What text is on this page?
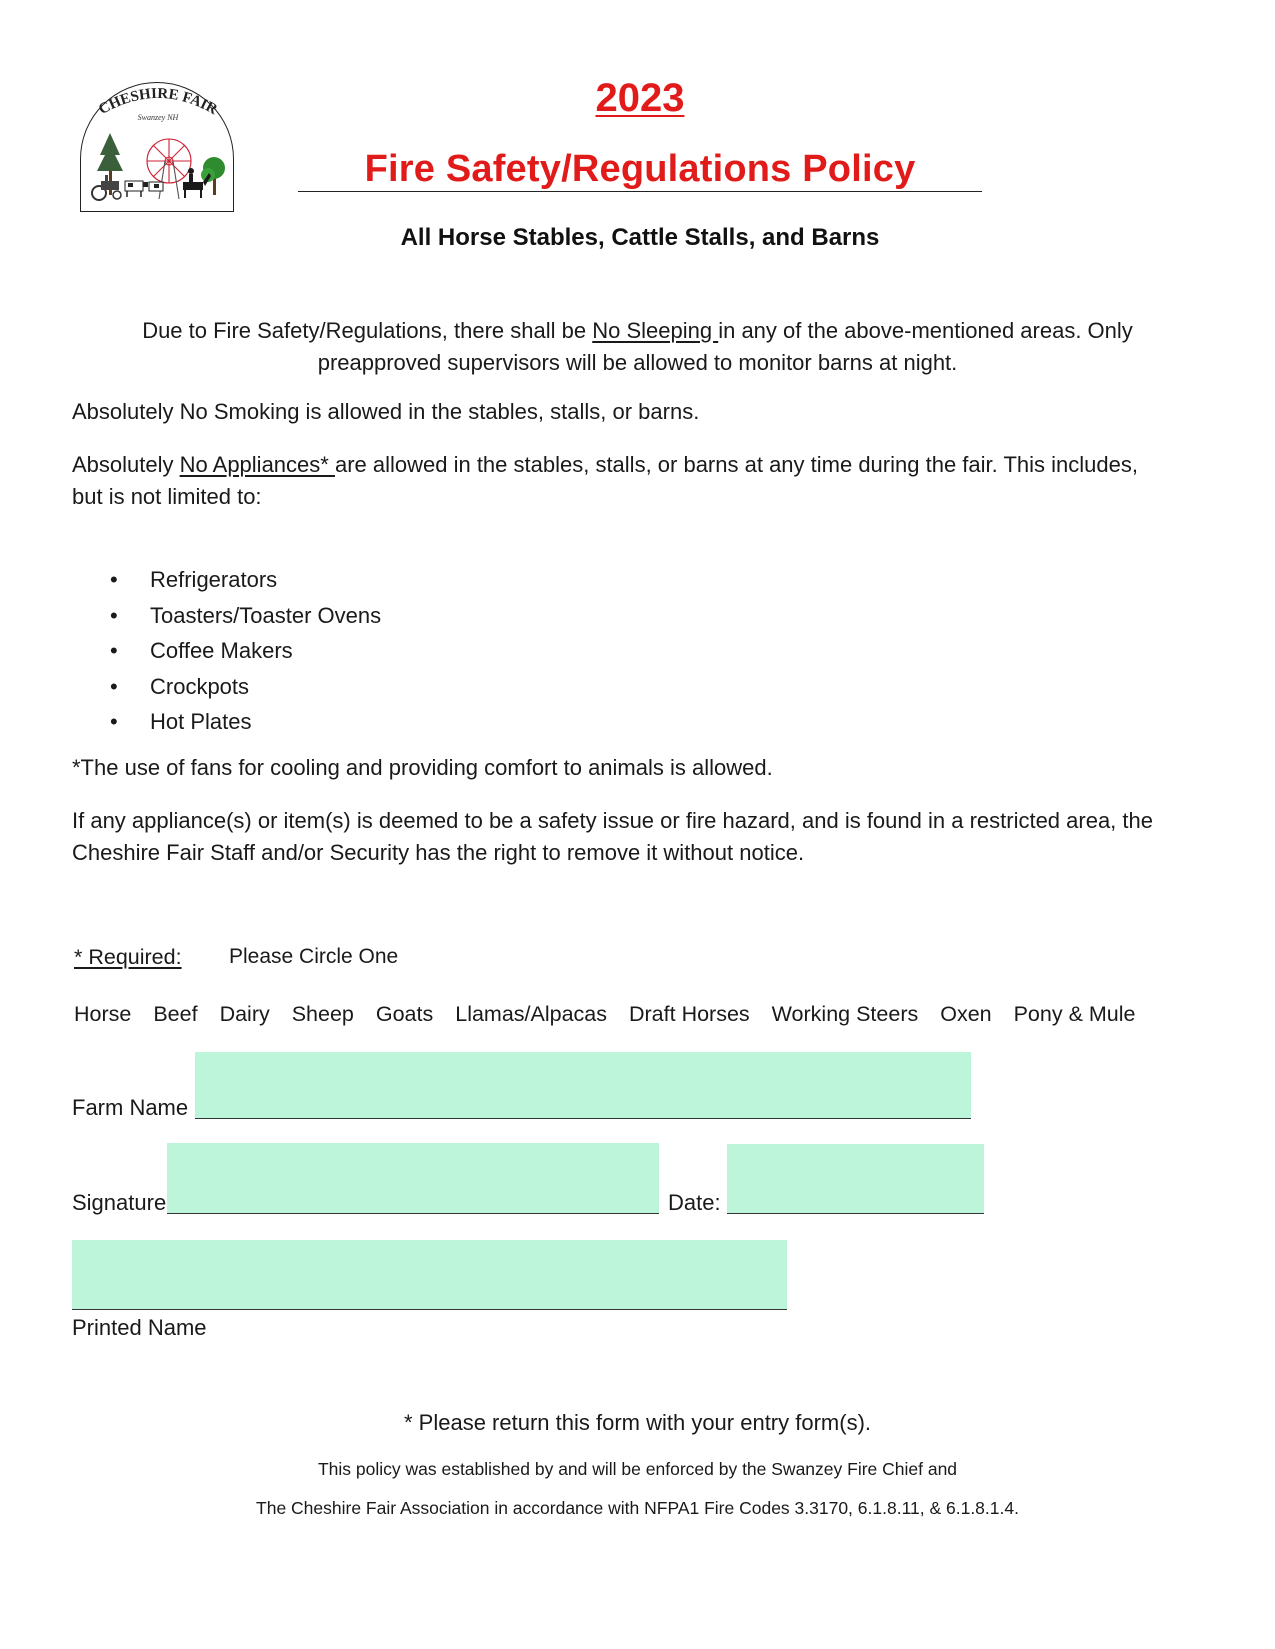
CHESHIRE FAIR
Swanzey NH	2023
Fire Safety/Regulations Policy
All Horse Stables, Cattle Stalls, and Barns
Due to Fire Safety/Regulations, there shall be No Sleeping in any of the above-mentioned areas. Only
preapproved supervisors will be allowed to monitor barns at night.
Absolutely No Smoking is allowed in the stables, stalls, or barns.
Absolutely No Appliances* are allowed in the stables, stalls, or barns at any time during the fair. This includes,
but is not limited to:
• Refrigerators
• Toasters/Toaster Ovens
• Coffee Makers
• Crockpots
• Hot Plates
*The use of fans for cooling and providing comfort to animals is allowed.
If any appliance(s) or item(s) is deemed to be a safety issue or fire hazard, and is found in a restricted area, the
Cheshire Fair Staff and/or Security has the right to remove it without notice.
* Required: Please Circle One
Horse Beef Dairy Sheep Goats Llamas/Alpacas Draft Horses Working Steers Oxen Pony & Mule
Farm Name
Signature	Date:
Printed Name
* Please return this form with your entry form(s).
This policy was established by and will be enforced by the Swanzey Fire Chief and
The Cheshire Fair Association in accordance with NFPA1 Fire Codes 3.3170, 6.1.8.11, & 6.1.8.1.4.
